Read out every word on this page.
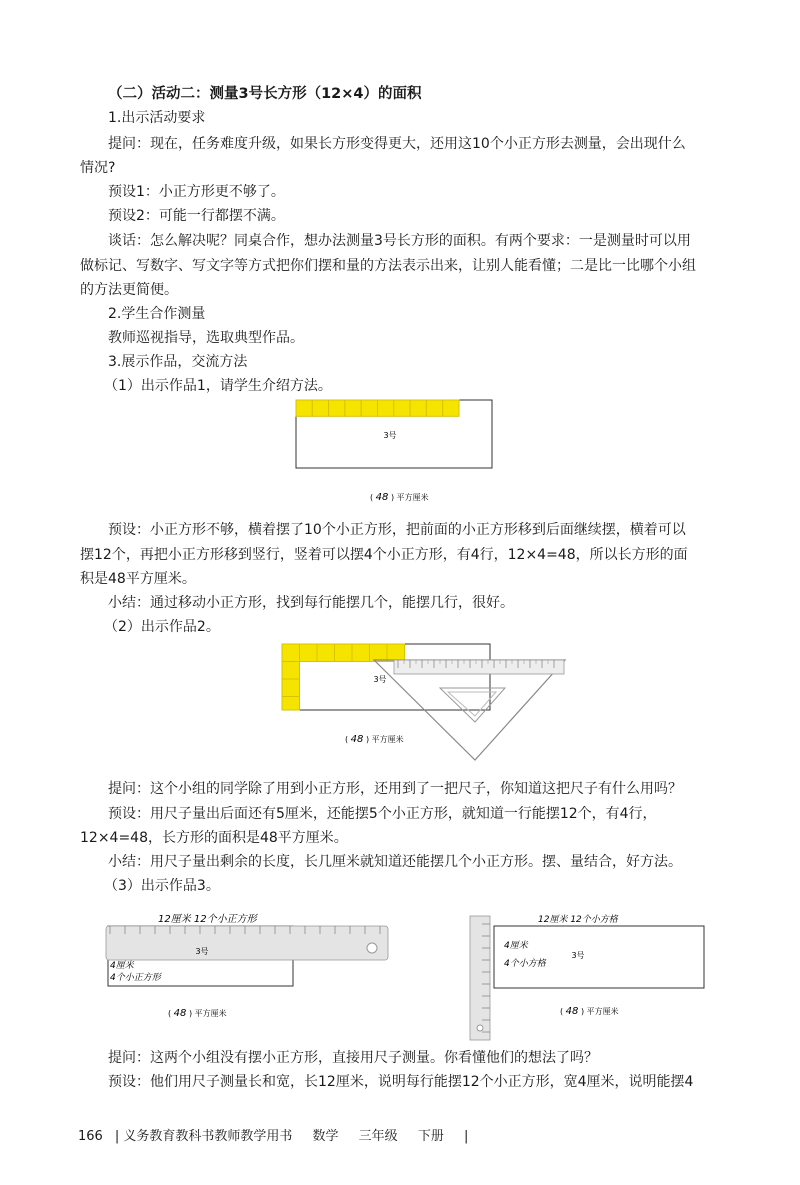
（二）活动二：测量3号长方形（12×4）的面积
1.出示活动要求
提问：现在，任务难度升级，如果长方形变得更大，还用这10个小正方形去测量，会出现什么
情况?
预设1：小正方形更不够了。
预设2：可能一行都摆不满。
谈话：怎么解决呢？同桌合作，想办法测量3号长方形的面积。有两个要求：一是测量时可以用
做标记、写数字、写文字等方式把你们摆和量的方法表示出来，让别人能看懂；二是比一比哪个小组
的方法更简便。
2.学生合作测量
教师巡视指导，选取典型作品。
3.展示作品，交流方法
（1）出示作品1，请学生介绍方法。
3号
( 48 ) 平方厘米
预设：小正方形不够，横着摆了10个小正方形，把前面的小正方形移到后面继续摆，横着可以
摆12个，再把小正方形移到竖行，竖着可以摆4个小正方形，有4行，12×4=48，所以长方形的面
积是48平方厘米。
小结：通过移动小正方形，找到每行能摆几个，能摆几行，很好。
（2）出示作品2。
3号
( 48 ) 平方厘米
提问：这个小组的同学除了用到小正方形，还用到了一把尺子，你知道这把尺子有什么用吗？
预设：用尺子量出后面还有5厘米，还能摆5个小正方形，就知道一行能摆12个，有4行，
12×4=48，长方形的面积是48平方厘米。
小结：用尺子量出剩余的长度，长几厘米就知道还能摆几个小正方形。摆、量结合，好方法。
（3）出示作品3。
12厘米 12个小正方形
3号
4厘米
4个小正方形
( 48 ) 平方厘米
12厘米 12个小方格
3号
4厘米
4个小方格
( 48 ) 平方厘米
提问：这两个小组没有摆小正方形，直接用尺子测量。你看懂他们的想法了吗？
预设：他们用尺子测量长和宽，长12厘米，说明每行能摆12个小正方形，宽4厘米，说明能摆4
166 | 义务教育教科书教师教学用书 数学 三年级 下册 |
